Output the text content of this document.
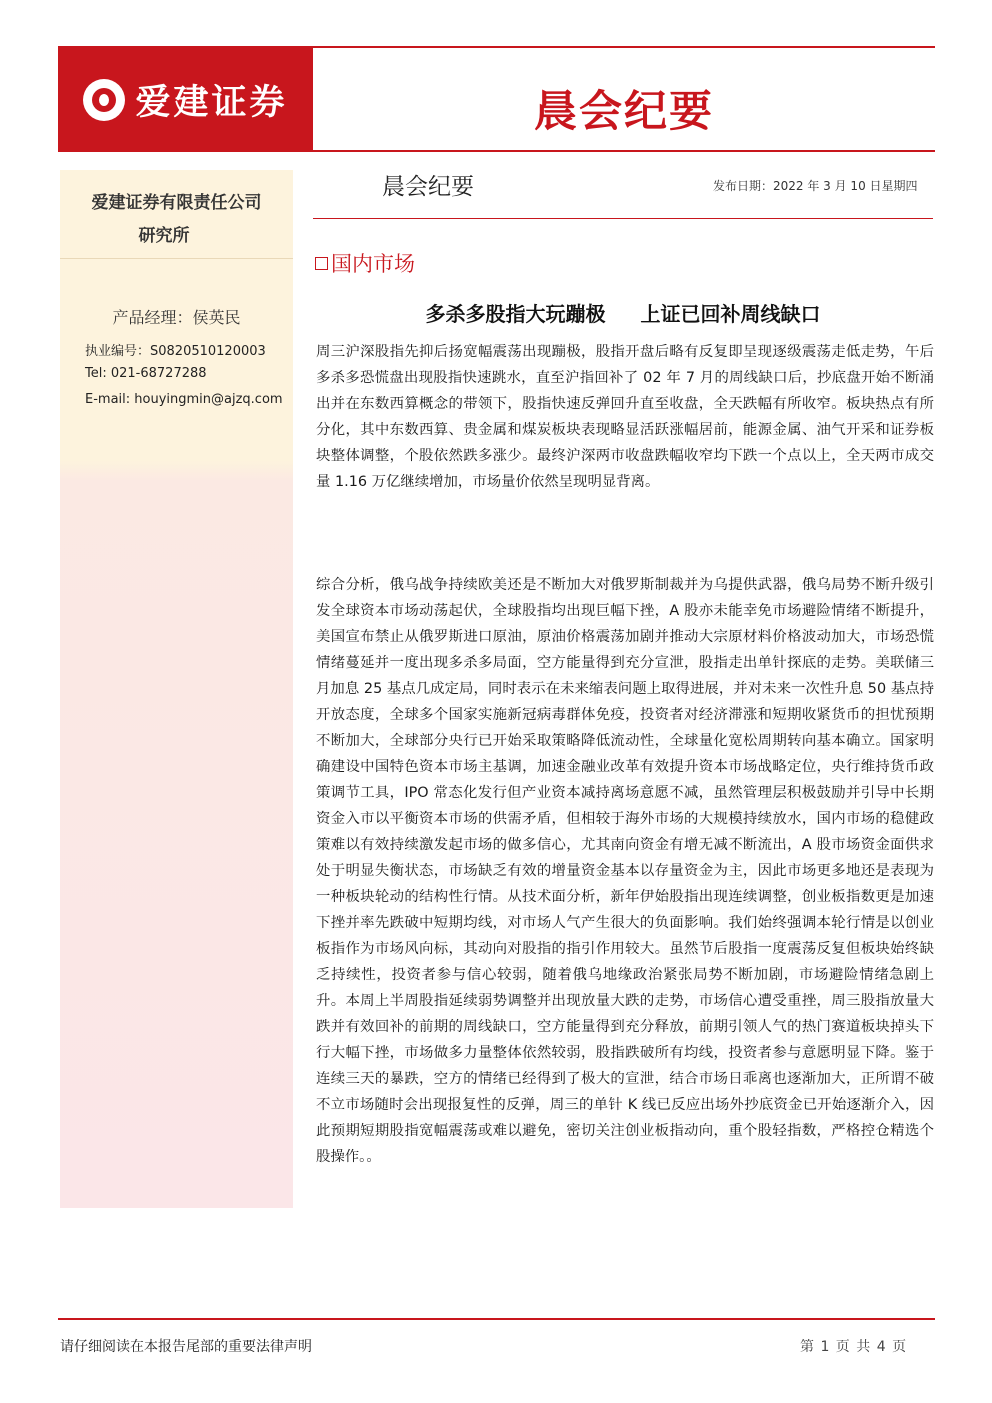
爱建证券	晨会纪要
爱建证券有限责任公司
研究所
产品经理：侯英民
执业编号：S0820510120003
Tel: 021-68727288
E-mail: houyingmin@ajzq.com
晨会纪要	发布日期：2022 年 3 月 10 日星期四
国内市场
多杀多股指大玩蹦极 上证已回补周线缺口

周三沪深股指先抑后扬宽幅震荡出现蹦极，股指开盘后略有反复即呈现逐级震荡走低走势，午后多杀多恐慌盘出现股指快速跳水，直至沪指回补了 02 年 7 月的周线缺口后，抄底盘开始不断涌出并在东数西算概念的带领下，股指快速反弹回升直至收盘，全天跌幅有所收窄。板块热点有所分化，其中东数西算、贵金属和煤炭板块表现略显活跃涨幅居前，能源金属、油气开采和证券板块整体调整，个股依然跌多涨少。最终沪深两市收盘跌幅收窄均下跌一个点以上，全天两市成交量 1.16 万亿继续增加，市场量价依然呈现明显背离。

综合分析，俄乌战争持续欧美还是不断加大对俄罗斯制裁并为乌提供武器，俄乌局势不断升级引发全球资本市场动荡起伏，全球股指均出现巨幅下挫，A 股亦未能幸免市场避险情绪不断提升，美国宣布禁止从俄罗斯进口原油，原油价格震荡加剧并推动大宗原材料价格波动加大，市场恐慌情绪蔓延并一度出现多杀多局面，空方能量得到充分宣泄，股指走出单针探底的走势。美联储三月加息 25 基点几成定局，同时表示在未来缩表问题上取得进展，并对未来一次性升息 50 基点持开放态度，全球多个国家实施新冠病毒群体免疫，投资者对经济滞涨和短期收紧货币的担忧预期不断加大，全球部分央行已开始采取策略降低流动性，全球量化宽松周期转向基本确立。国家明确建设中国特色资本市场主基调，加速金融业改革有效提升资本市场战略定位，央行维持货币政策调节工具，IPO 常态化发行但产业资本减持离场意愿不减，虽然管理层积极鼓励并引导中长期资金入市以平衡资本市场的供需矛盾，但相较于海外市场的大规模持续放水，国内市场的稳健政策难以有效持续激发起市场的做多信心，尤其南向资金有增无减不断流出，A 股市场资金面供求处于明显失衡状态，市场缺乏有效的增量资金基本以存量资金为主，因此市场更多地还是表现为一种板块轮动的结构性行情。从技术面分析，新年伊始股指出现连续调整，创业板指数更是加速下挫并率先跌破中短期均线，对市场人气产生很大的负面影响。我们始终强调本轮行情是以创业板指作为市场风向标，其动向对股指的指引作用较大。虽然节后股指一度震荡反复但板块始终缺乏持续性，投资者参与信心较弱，随着俄乌地缘政治紧张局势不断加剧，市场避险情绪急剧上升。本周上半周股指延续弱势调整并出现放量大跌的走势，市场信心遭受重挫，周三股指放量大跌并有效回补的前期的周线缺口，空方能量得到充分释放，前期引领人气的热门赛道板块掉头下行大幅下挫，市场做多力量整体依然较弱，股指跌破所有均线，投资者参与意愿明显下降。鉴于连续三天的暴跌，空方的情绪已经得到了极大的宣泄，结合市场日乖离也逐渐加大，正所谓不破不立市场随时会出现报复性的反弹，周三的单针 K 线已反应出场外抄底资金已开始逐渐介入，因此预期短期股指宽幅震荡或难以避免，密切关注创业板指动向，重个股轻指数，严格控仓精选个股操作。。

请仔细阅读在本报告尾部的重要法律声明	第 1 页 共 4 页
